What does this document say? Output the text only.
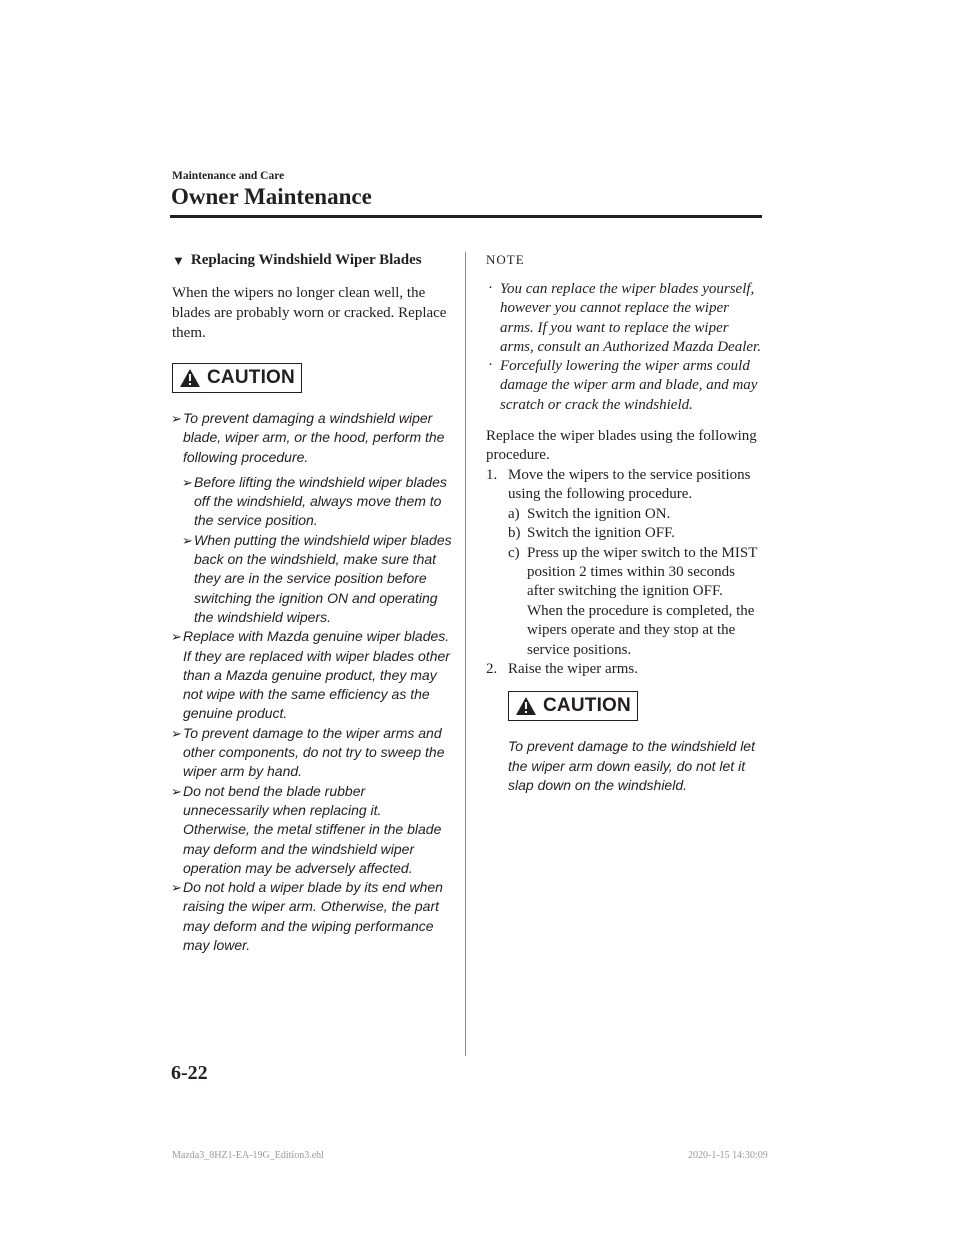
Maintenance and Care
Owner Maintenance
▼ Replacing Windshield Wiper Blades

When the wipers no longer clean well, the blades are probably worn or cracked. Replace them.

CAUTION
➢ To prevent damaging a windshield wiper blade, wiper arm, or the hood, perform the following procedure.
➢ Before lifting the windshield wiper blades off the windshield, always move them to the service position.
➢ When putting the windshield wiper blades back on the windshield, make sure that they are in the service position before switching the ignition ON and operating the windshield wipers.
➢ Replace with Mazda genuine wiper blades. If they are replaced with wiper blades other than a Mazda genuine product, they may not wipe with the same efficiency as the genuine product.
➢ To prevent damage to the wiper arms and other components, do not try to sweep the wiper arm by hand.
➢ Do not bend the blade rubber unnecessarily when replacing it. Otherwise, the metal stiffener in the blade may deform and the windshield wiper operation may be adversely affected.
➢ Do not hold a wiper blade by its end when raising the wiper arm. Otherwise, the part may deform and the wiping performance may lower.
NOTE
· You can replace the wiper blades yourself, however you cannot replace the wiper arms. If you want to replace the wiper arms, consult an Authorized Mazda Dealer.
· Forcefully lowering the wiper arms could damage the wiper arm and blade, and may scratch or crack the windshield.

Replace the wiper blades using the following procedure.

1. Move the wipers to the service positions using the following procedure.
a) Switch the ignition ON.
b) Switch the ignition OFF.
c) Press up the wiper switch to the MIST position 2 times within 30 seconds after switching the ignition OFF.
When the procedure is completed, the wipers operate and they stop at the service positions.
2. Raise the wiper arms.
CAUTION

To prevent damage to the windshield let the wiper arm down easily, do not let it slap down on the windshield.

6-22
Mazda3_8HZ1-EA-19G_Edition3.ehl	2020-1-15 14:30:09
